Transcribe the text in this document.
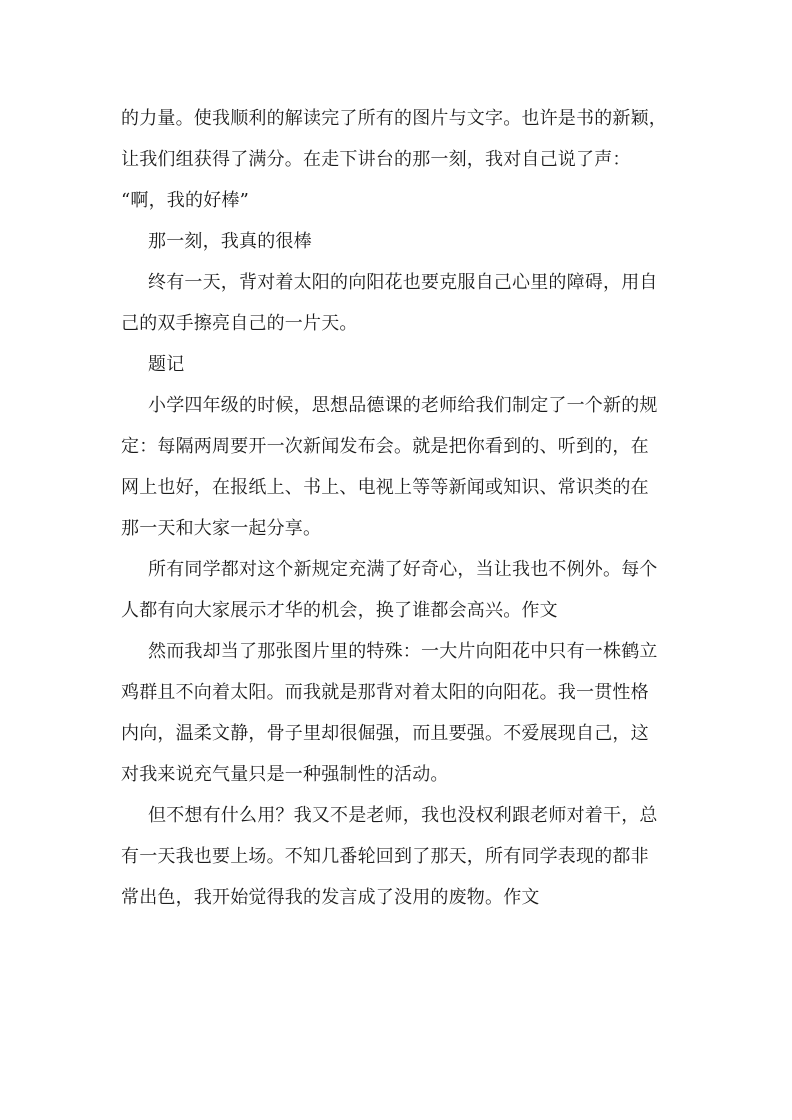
的力量。使我顺利的解读完了所有的图片与文字。也许是书的新颖，
让我们组获得了满分。在走下讲台的那一刻，我对自己说了声：
“啊，我的好棒”
那一刻，我真的很棒
终有一天，背对着太阳的向阳花也要克服自己心里的障碍，用自
己的双手擦亮自己的一片天。
题记
小学四年级的时候，思想品德课的老师给我们制定了一个新的规
定：每隔两周要开一次新闻发布会。就是把你看到的、听到的，在
网上也好，在报纸上、书上、电视上等等新闻或知识、常识类的在
那一天和大家一起分享。
所有同学都对这个新规定充满了好奇心，当让我也不例外。每个
人都有向大家展示才华的机会，换了谁都会高兴。作文
然而我却当了那张图片里的特殊：一大片向阳花中只有一株鹤立
鸡群且不向着太阳。而我就是那背对着太阳的向阳花。我一贯性格
内向，温柔文静，骨子里却很倔强，而且要强。不爱展现自己，这
对我来说充气量只是一种强制性的活动。
但不想有什么用？我又不是老师，我也没权利跟老师对着干，总
有一天我也要上场。不知几番轮回到了那天，所有同学表现的都非
常出色，我开始觉得我的发言成了没用的废物。作文
